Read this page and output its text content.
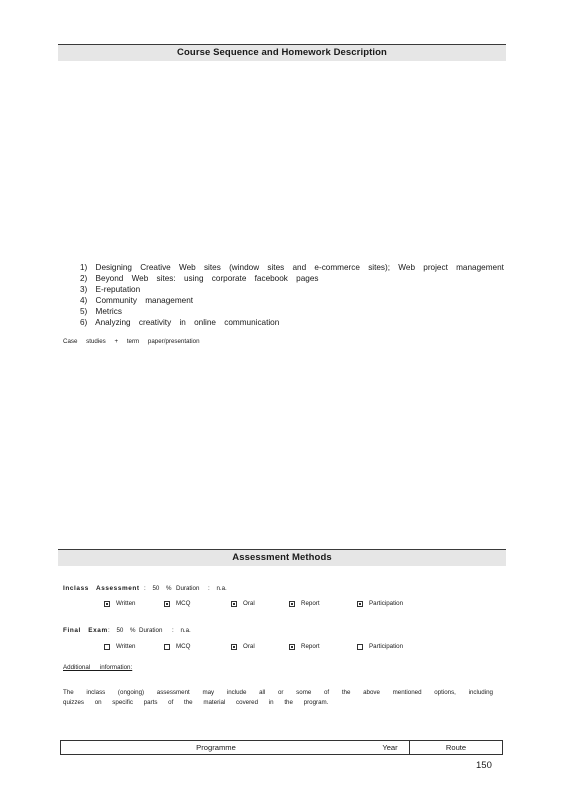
Course Sequence and Homework Description
1) Designing Creative Web sites (window sites and e-commerce sites); Web project management
2) Beyond Web sites: using corporate facebook pages
3) E-reputation
4) Community management
5) Metrics
6) Analyzing creativity in online communication
Case studies + term paper/presentation
Assessment Methods
Inclass Assessment : 50 % Duration : n.a.
Written	MCQ	Oral	Report	Participation
Final Exam : 50 % Duration : n.a.
Written	MCQ	Oral	Report	Participation
Additional information:
The inclass (ongoing) assessment may include all or some of the above mentioned options, including quizzes on specific parts of the material covered in the program.
Programme	Year	Route
150
